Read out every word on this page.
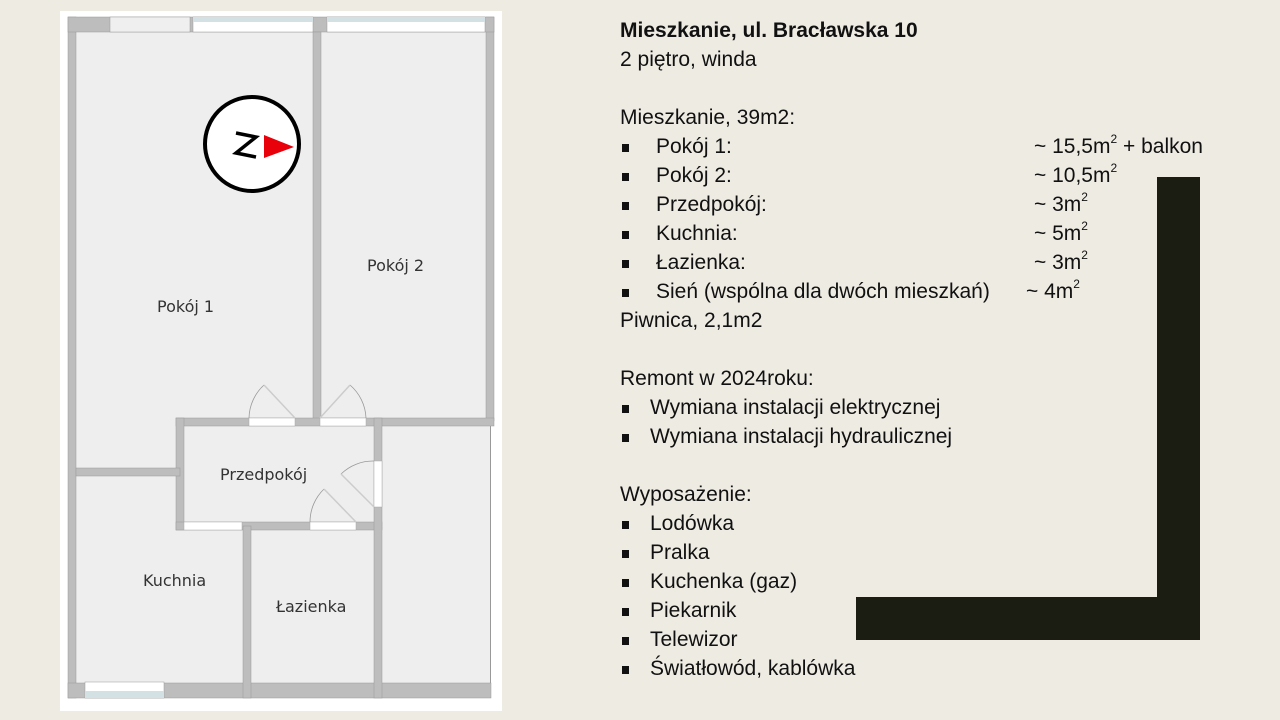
Pokój 1
Pokój 2
Przedpokój
Kuchnia
Łazienka
Mieszkanie, ul. Bracławska 10
2 piętro, winda
Mieszkanie, 39m2:
Pokój 1:	~ $15,5m^2$ + balkon
Pokój 2:	~ $10,5m^2$
Przedpokój:	~ $3m^2$
Kuchnia:	~ $5m^2$
Łazienka:	~ $3m^2$
Sień (wspólna dla dwóch mieszkań) ~ $4m^2$
Piwnica, 2,1m2
Remont w 2024roku:
Wymiana instalacji elektrycznej
Wymiana instalacji hydraulicznej
Wyposażenie:
Lodówka
Pralka
Kuchenka (gaz)
Piekarnik
Telewizor
Światłowód, kablówka
